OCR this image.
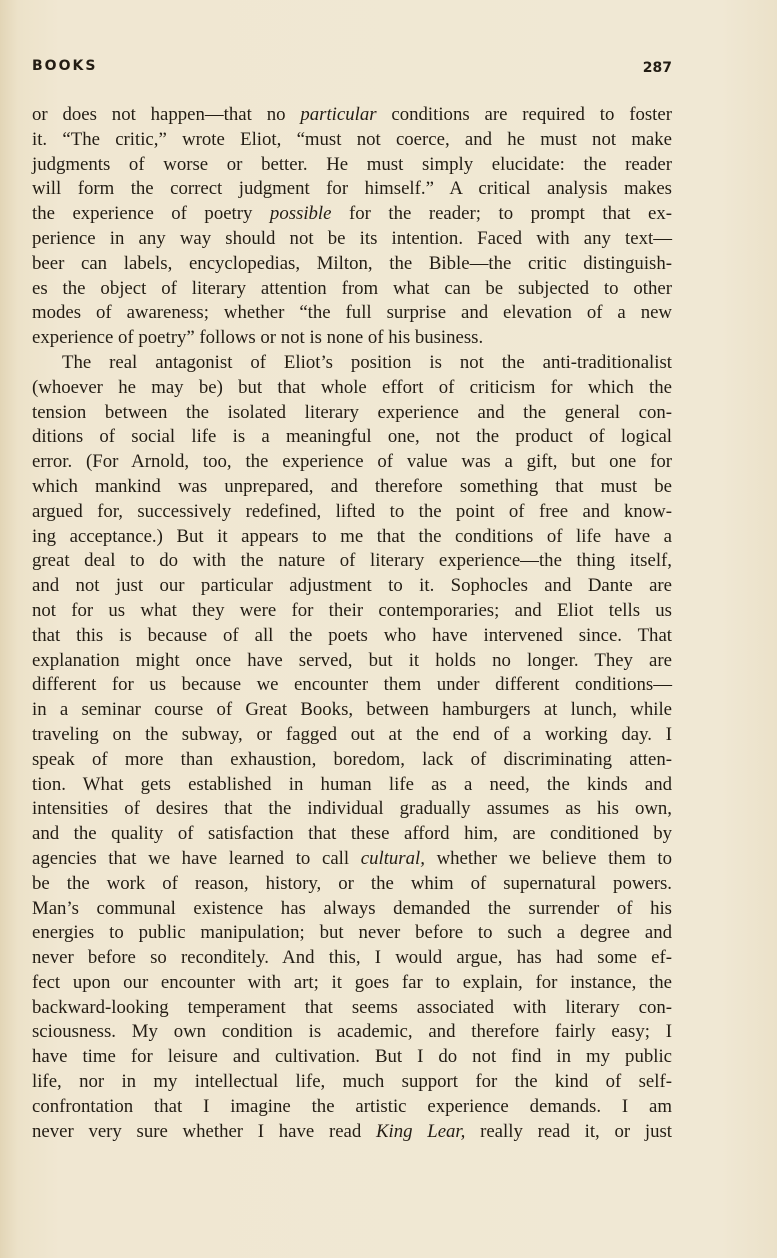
BOOKS	287
or does not happen—that no particular conditions are required to foster
it. “The critic,” wrote Eliot, “must not coerce, and he must not make
judgments of worse or better. He must simply elucidate: the reader
will form the correct judgment for himself.” A critical analysis makes
the experience of poetry possible for the reader; to prompt that ex-
perience in any way should not be its intention. Faced with any text—
beer can labels, encyclopedias, Milton, the Bible—the critic distinguish-
es the object of literary attention from what can be subjected to other
modes of awareness; whether “the full surprise and elevation of a new
experience of poetry” follows or not is none of his business.
The real antagonist of Eliot’s position is not the anti-traditionalist
(whoever he may be) but that whole effort of criticism for which the
tension between the isolated literary experience and the general con-
ditions of social life is a meaningful one, not the product of logical
error. (For Arnold, too, the experience of value was a gift, but one for
which mankind was unprepared, and therefore something that must be
argued for, successively redefined, lifted to the point of free and know-
ing acceptance.) But it appears to me that the conditions of life have a
great deal to do with the nature of literary experience—the thing itself,
and not just our particular adjustment to it. Sophocles and Dante are
not for us what they were for their contemporaries; and Eliot tells us
that this is because of all the poets who have intervened since. That
explanation might once have served, but it holds no longer. They are
different for us because we encounter them under different conditions—
in a seminar course of Great Books, between hamburgers at lunch, while
traveling on the subway, or fagged out at the end of a working day. I
speak of more than exhaustion, boredom, lack of discriminating atten-
tion. What gets established in human life as a need, the kinds and
intensities of desires that the individual gradually assumes as his own,
and the quality of satisfaction that these afford him, are conditioned by
agencies that we have learned to call cultural, whether we believe them to
be the work of reason, history, or the whim of supernatural powers.
Man’s communal existence has always demanded the surrender of his
energies to public manipulation; but never before to such a degree and
never before so reconditely. And this, I would argue, has had some ef-
fect upon our encounter with art; it goes far to explain, for instance, the
backward-looking temperament that seems associated with literary con-
sciousness. My own condition is academic, and therefore fairly easy; I
have time for leisure and cultivation. But I do not find in my public
life, nor in my intellectual life, much support for the kind of self-
confrontation that I imagine the artistic experience demands. I am
never very sure whether I have read King Lear, really read it, or just
